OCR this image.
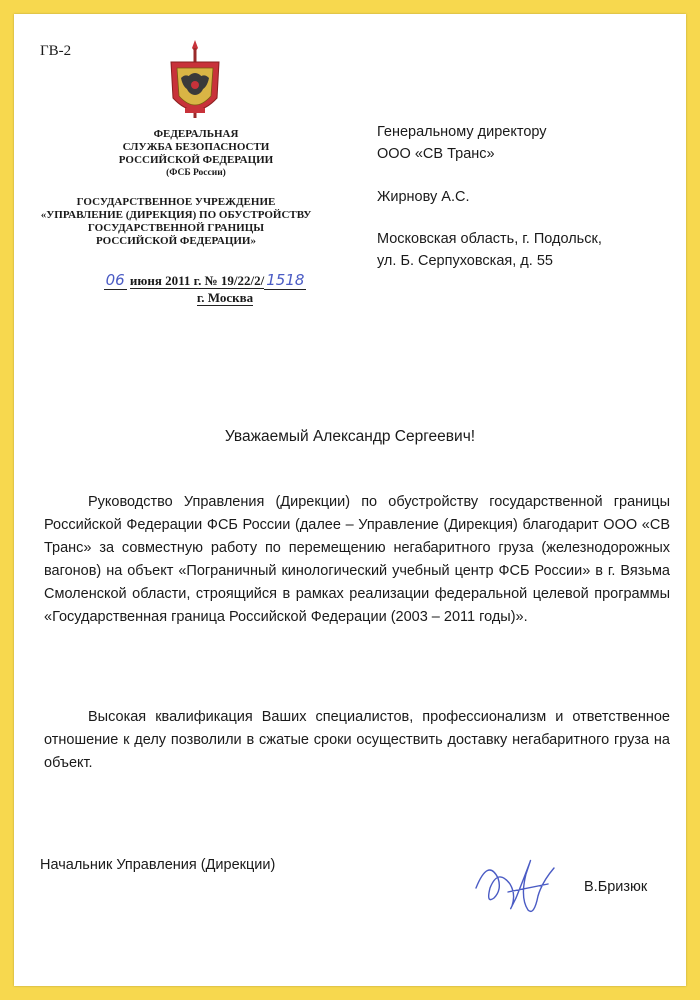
ГВ-2
ФЕДЕРАЛЬНАЯ
СЛУЖБА БЕЗОПАСНОСТИ
РОССИЙСКОЙ ФЕДЕРАЦИИ
(ФСБ России)
ГОСУДАРСТВЕННОЕ УЧРЕЖДЕНИЕ
«УПРАВЛЕНИЕ (ДИРЕКЦИЯ) ПО ОБУСТРОЙСТВУ
ГОСУДАРСТВЕННОЙ ГРАНИЦЫ
РОССИЙСКОЙ ФЕДЕРАЦИИ»
06 июня 2011 г. № 19/22/2/ 1518
г. Москва
Генеральному директору
ООО «СВ Транс»
Жирнову А.С.
Московская область, г. Подольск,
ул. Б. Серпуховская, д. 55
Уважаемый Александр Сергеевич!
Руководство Управления (Дирекции) по обустройству государственной границы Российской Федерации ФСБ России (далее – Управление (Дирекция) благодарит ООО «СВ Транс» за совместную работу по перемещению негабаритного груза (железнодорожных вагонов) на объект «Пограничный кинологический учебный центр ФСБ России» в г. Вязьма Смоленской области, строящийся в рамках реализации федеральной целевой программы «Государственная граница Российской Федерации (2003 – 2011 годы)».
Высокая квалификация Ваших специалистов, профессионализм и ответственное отношение к делу позволили в сжатые сроки осуществить доставку негабаритного груза на объект.
Начальник Управления (Дирекции)
В.Бризюк
